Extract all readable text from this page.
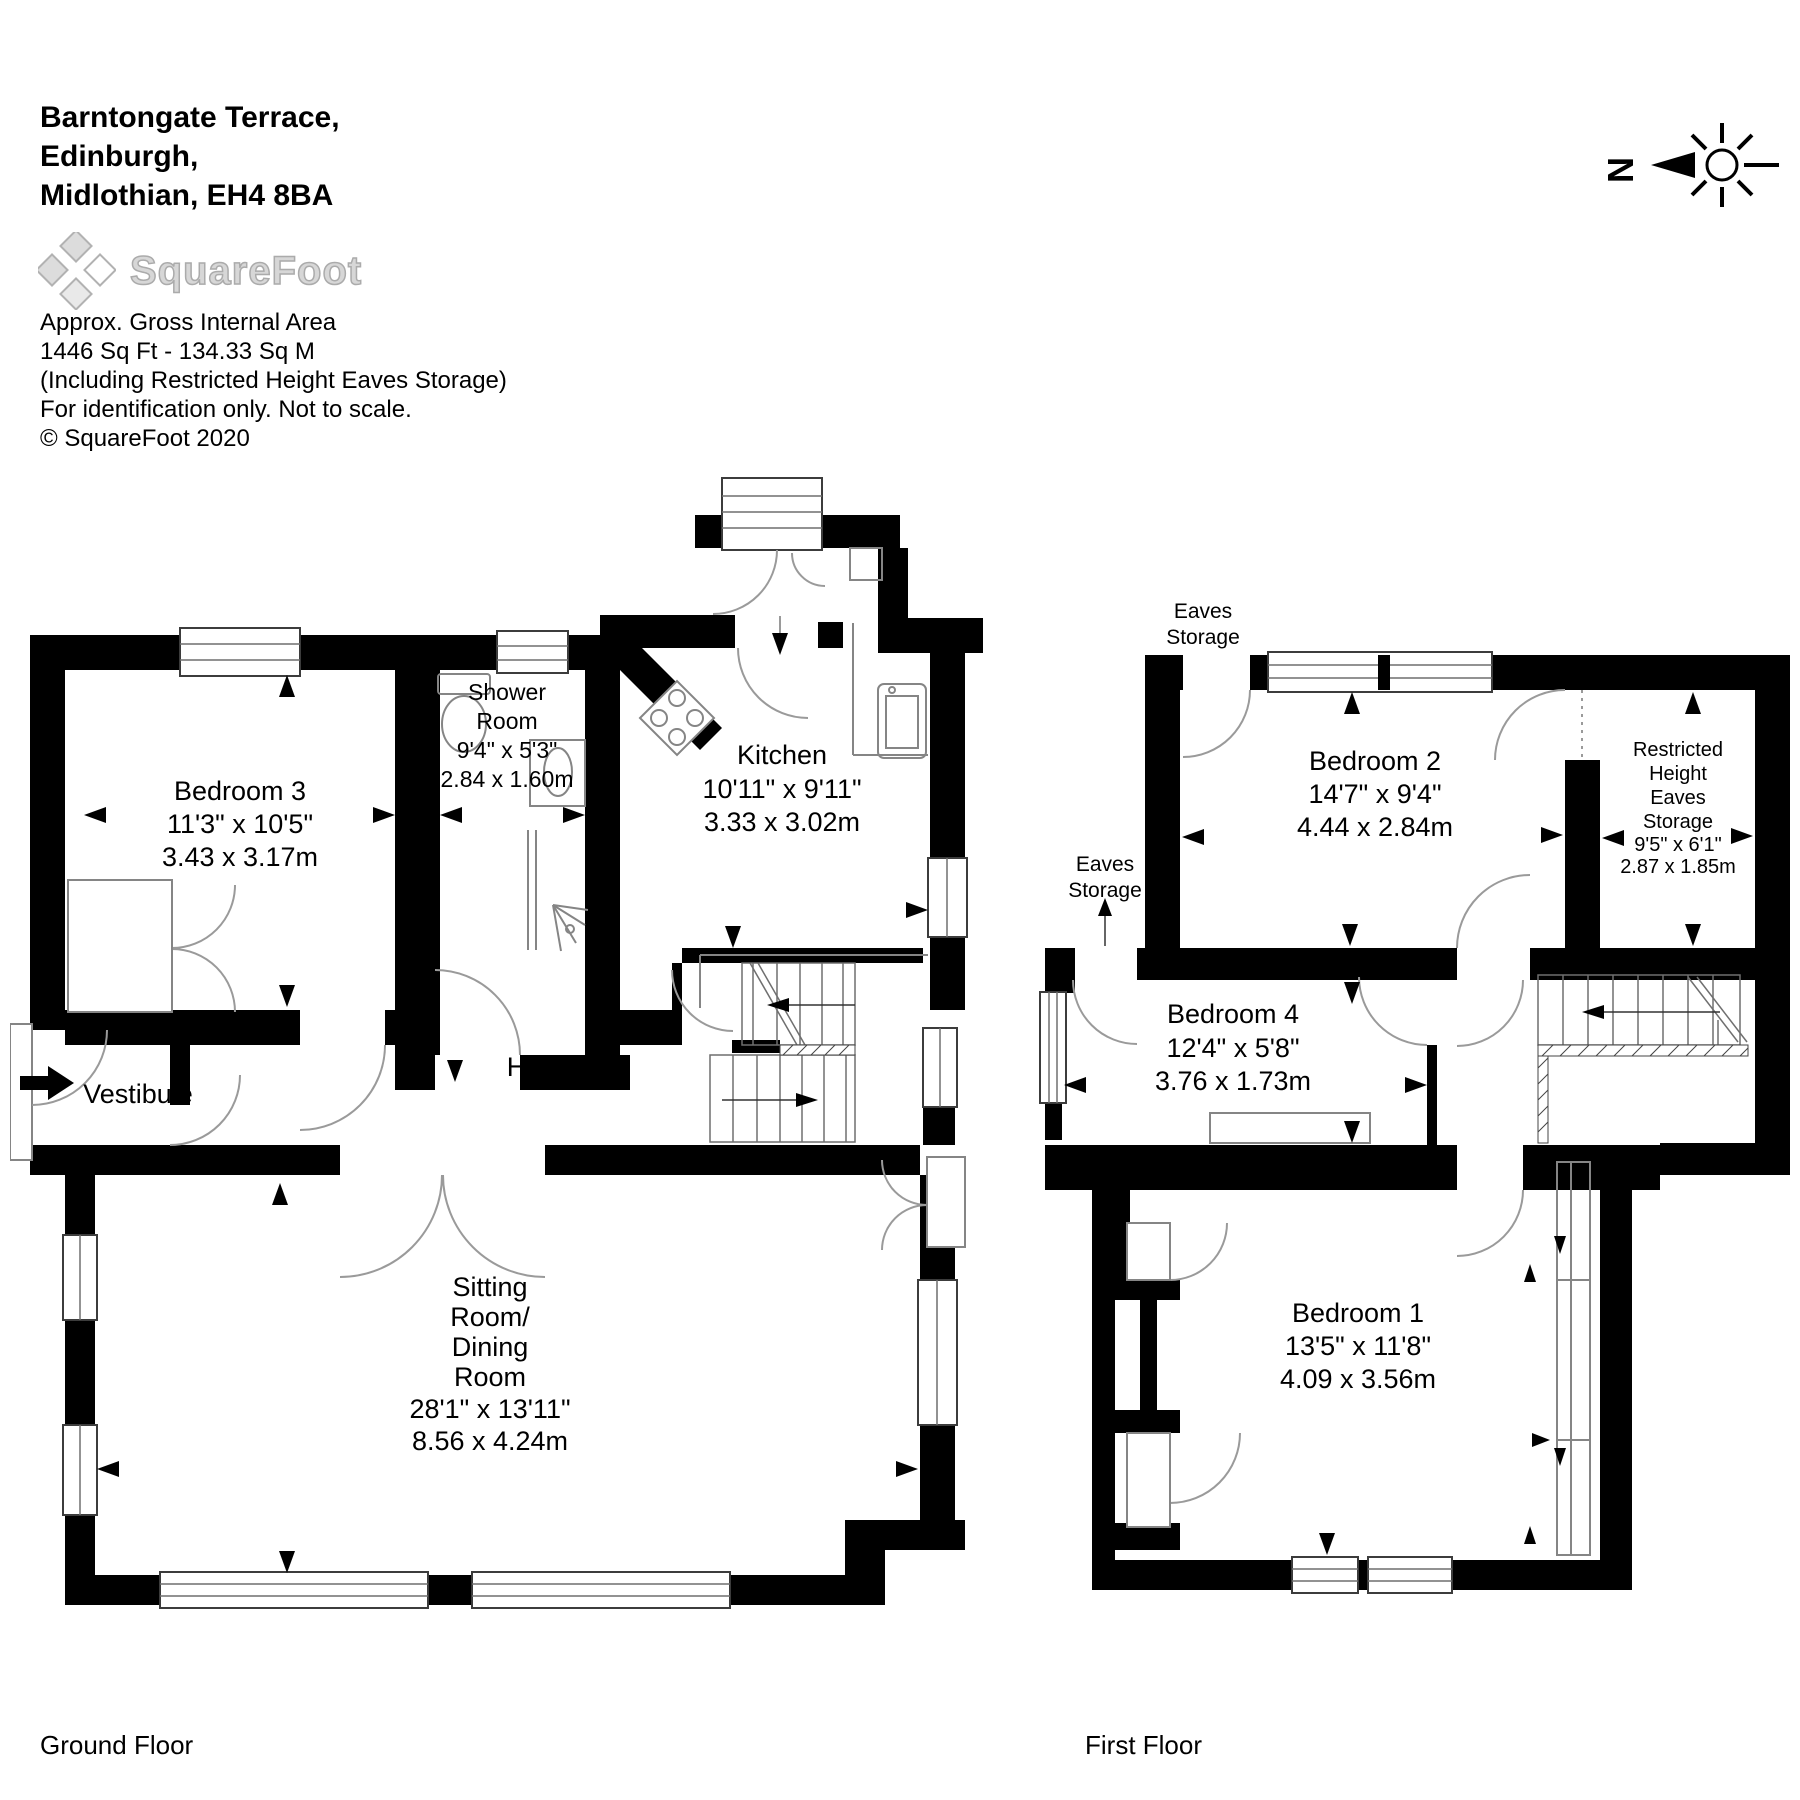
Barntongate Terrace,
Edinburgh,
Midlothian, EH4 8BA
SquareFoot
Approx. Gross Internal Area
1446 Sq Ft - 134.33 Sq M
(Including Restricted Height Eaves Storage)
For identification only. Not to scale.
© SquareFoot 2020
N
Bedroom 3
11'3" x 10'5"
3.43 x 3.17m
Shower
Room
9'4" x 5'3"
2.84 x 1.60m
Kitchen
10'11" x 9'11"
3.33 x 3.02m
Hall
Vestibule
Sitting
Room/
Dining
Room
28'1" x 13'11"
8.56 x 4.24m
Eaves
Storage
Eaves
Storage
Bedroom 2
14'7" x 9'4"
4.44 x 2.84m
Restricted
Height
Eaves
Storage
9'5" x 6'1"
2.87 x 1.85m
Bedroom 4
12'4" x 5'8"
3.76 x 1.73m
Bedroom 1
13'5" x 11'8"
4.09 x 3.56m
Ground Floor	First Floor
